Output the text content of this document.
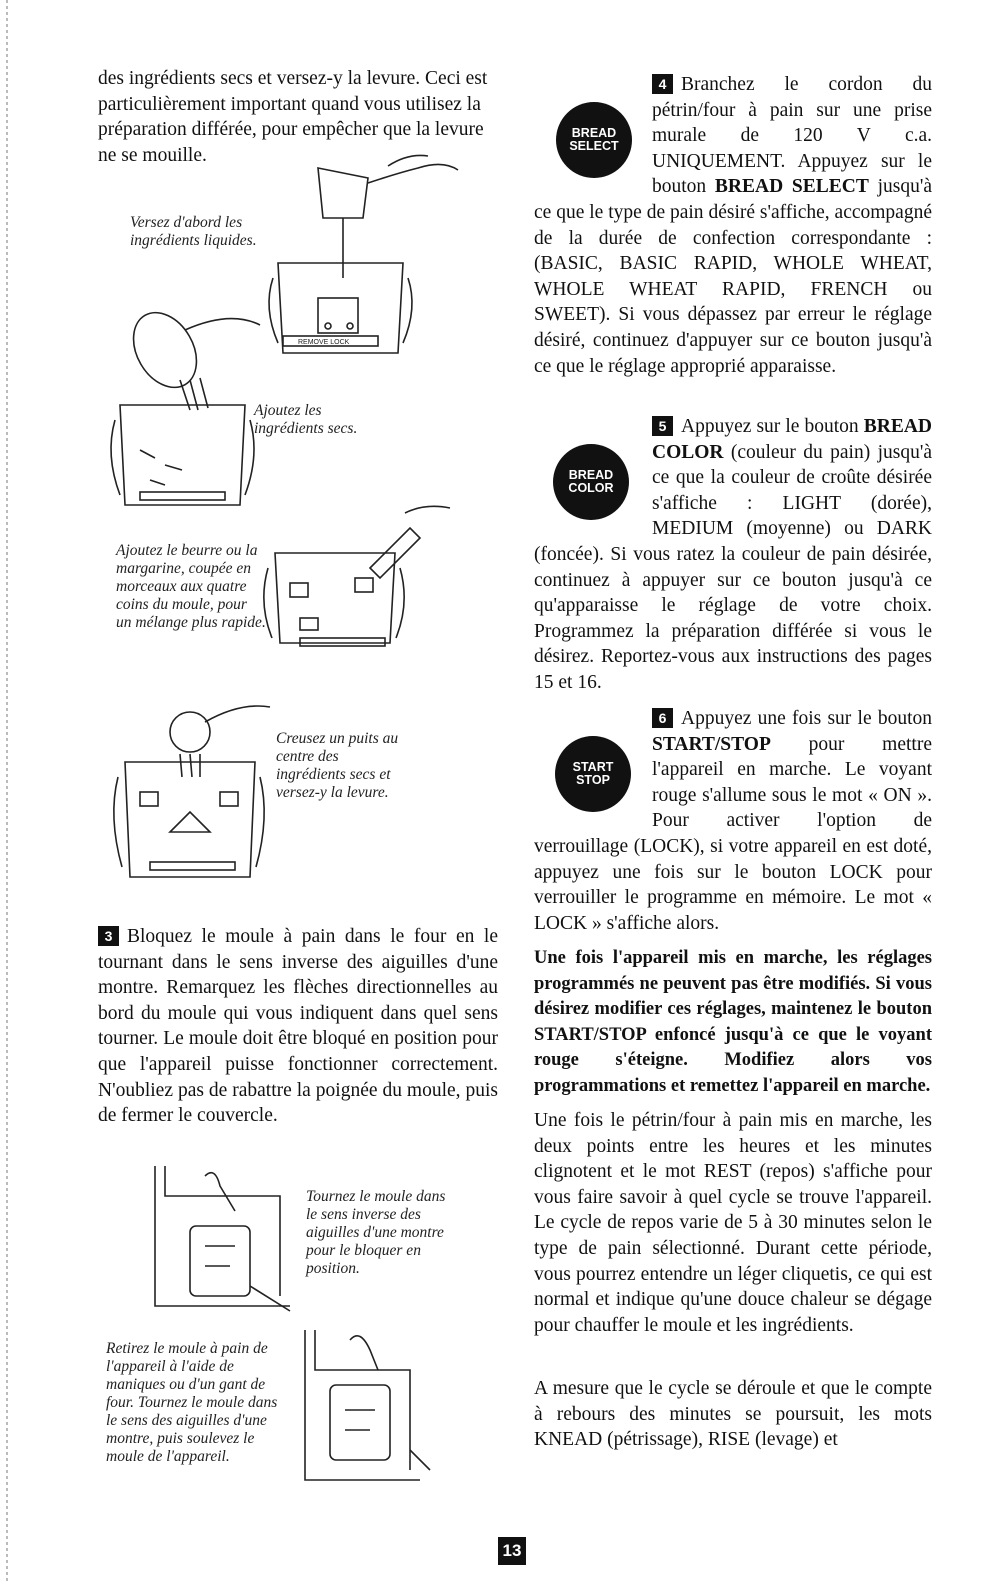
des ingrédients secs et versez-y la levure. Ceci est particulièrement important quand vous utilisez la préparation différée, pour empêcher que la levure ne se mouille.

Versez d'abord les ingrédients liquides.
Ajoutez les ingrédients secs.
Ajoutez le beurre ou la margarine, coupée en morceaux aux quatre coins du moule, pour un mélange plus rapide.
Creusez un puits au centre des ingrédients secs et versez-y la levure.
REMOVE LOCK

3 Bloquez le moule à pain dans le four en le tournant dans le sens inverse des aiguilles d'une montre. Remarquez les flèches directionnelles au bord du moule qui vous indiquent dans quel sens tourner. Le moule doit être bloqué en position pour que l'appareil puisse fonctionner correctement. N'oubliez pas de rabattre la poignée du moule, puis de fermer le couvercle.

Tournez le moule dans le sens inverse des aiguilles d'une montre pour le bloquer en position.
Retirez le moule à pain de l'appareil à l'aide de maniques ou d'un gant de four. Tournez le moule dans le sens des aiguilles d'une montre, puis soulevez le moule de l'appareil.
BREAD
SELECT
BREAD
COLOR
START
STOP

4 Branchez le cordon du pétrin/four à pain sur une prise murale de 120 V c.a. UNIQUEMENT. Appuyez sur le bouton BREAD SELECT jusqu'à ce que le type de pain désiré s'affiche, accompagné de la durée de confection correspondante : (BASIC, BASIC RAPID, WHOLE WHEAT, WHOLE WHEAT RAPID, FRENCH ou SWEET). Si vous dépassez par erreur le réglage désiré, continuez d'appuyer sur ce bouton jusqu'à ce que le réglage approprié apparaisse.

5 Appuyez sur le bouton BREAD COLOR (couleur du pain) jusqu'à ce que la couleur de croûte désirée s'affiche : LIGHT (dorée), MEDIUM (moyenne) ou DARK (foncée). Si vous ratez la couleur de pain désirée, continuez à appuyer sur ce bouton jusqu'à ce qu'apparaisse le réglage de votre choix. Programmez la préparation différée si vous le désirez. Reportez-vous aux instructions des pages 15 et 16.

6 Appuyez une fois sur le bouton START/STOP pour mettre l'appareil en marche. Le voyant rouge s'allume sous le mot « ON ». Pour activer l'option de verrouillage (LOCK), si votre appareil en est doté, appuyez une fois sur le bouton LOCK pour verrouiller le programme en mémoire. Le mot « LOCK » s'affiche alors.

Une fois l'appareil mis en marche, les réglages programmés ne peuvent pas être modifiés. Si vous désirez modifier ces réglages, maintenez le bouton START/STOP enfoncé jusqu'à ce que le voyant rouge s'éteigne. Modifiez alors vos programmations et remettez l'appareil en marche.

Une fois le pétrin/four à pain mis en marche, les deux points entre les heures et les minutes clignotent et le mot REST (repos) s'affiche pour vous faire savoir à quel cycle se trouve l'appareil. Le cycle de repos varie de 5 à 30 minutes selon le type de pain sélectionné. Durant cette période, vous pourrez entendre un léger cliquetis, ce qui est normal et indique qu'une douce chaleur se dégage pour chauffer le moule et les ingrédients.

A mesure que le cycle se déroule et que le compte à rebours des minutes se poursuit, les mots KNEAD (pétrissage), RISE (levage) et

13
